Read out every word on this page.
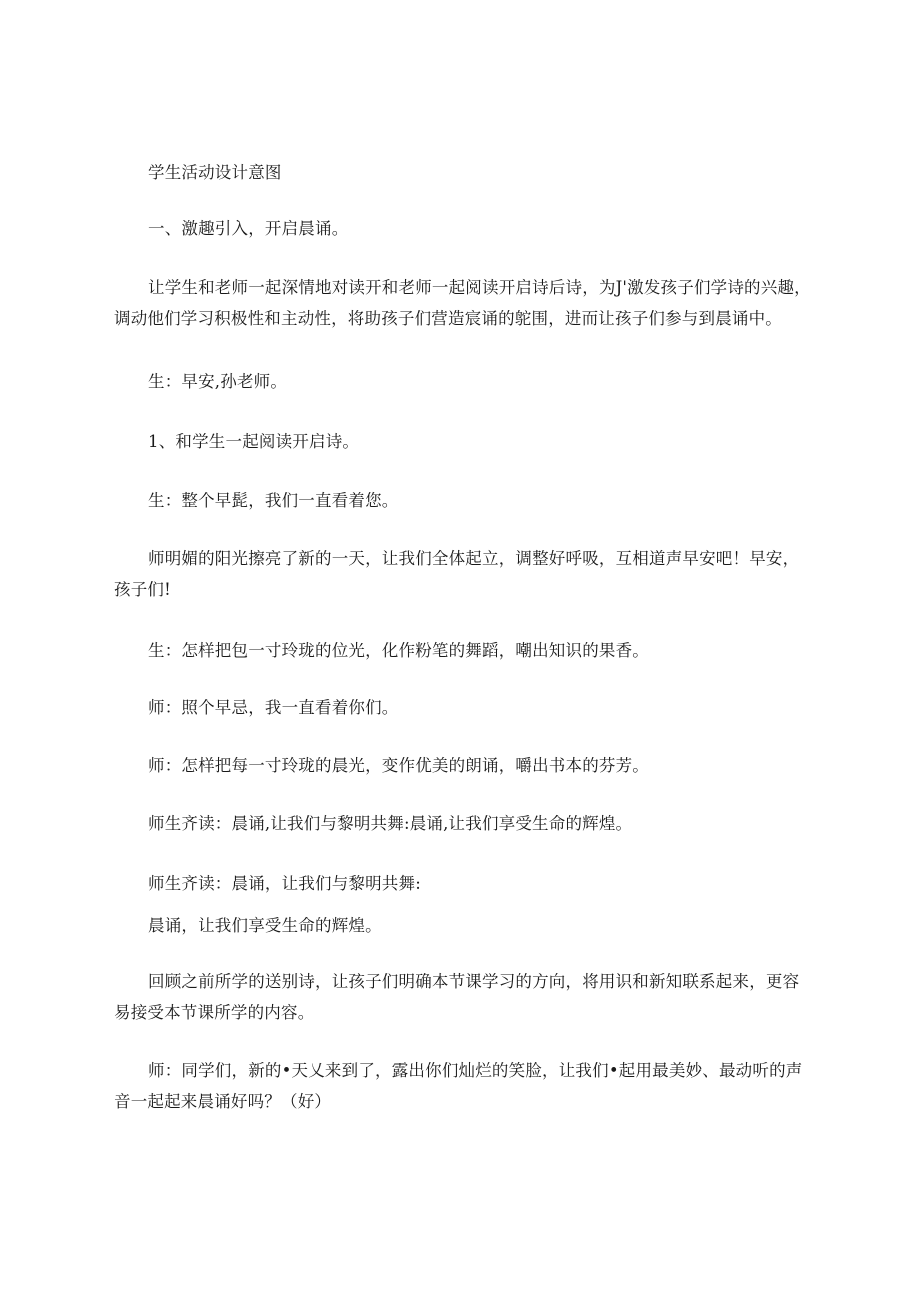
学生活动设计意图
一、激趣引入，开启晨诵。
让学生和老师一起深情地对读开和老师一起阅读开启诗后诗，为J'激发孩子们学诗的兴趣，调动他们学习积极性和主动性，将助孩子们营造宸诵的鸵围，进而让孩子们参与到晨诵中。
生：早安,孙老师。
1、和学生一起阅读开启诗。
生：整个早髭，我们一直看着您。
师明媚的阳光擦亮了新的一天，让我们全体起立，调整好呼吸，互相道声早安吧！早安，孩子们!
生：怎样把包一寸玲珑的位光，化作粉笔的舞蹈，嘲出知识的果香。
师：照个早忌，我一直看着你们。
师：怎样把每一寸玲珑的晨光，变作优美的朗诵，嚼出书本的芬芳。
师生齐读：晨诵,让我们与黎明共舞:晨诵,让我们享受生命的辉煌。
师生齐读：晨诵，让我们与黎明共舞:
晨诵，让我们享受生命的辉煌。
回顾之前所学的送别诗，让孩子们明确本节课学习的方向，将用识和新知联系起来，更容易接受本节课所学的内容。
师：同学们，新的•天乂来到了，露出你们灿烂的笑脸，让我们•起用最美妙、最动听的声音一起起来晨诵好吗？（好）
